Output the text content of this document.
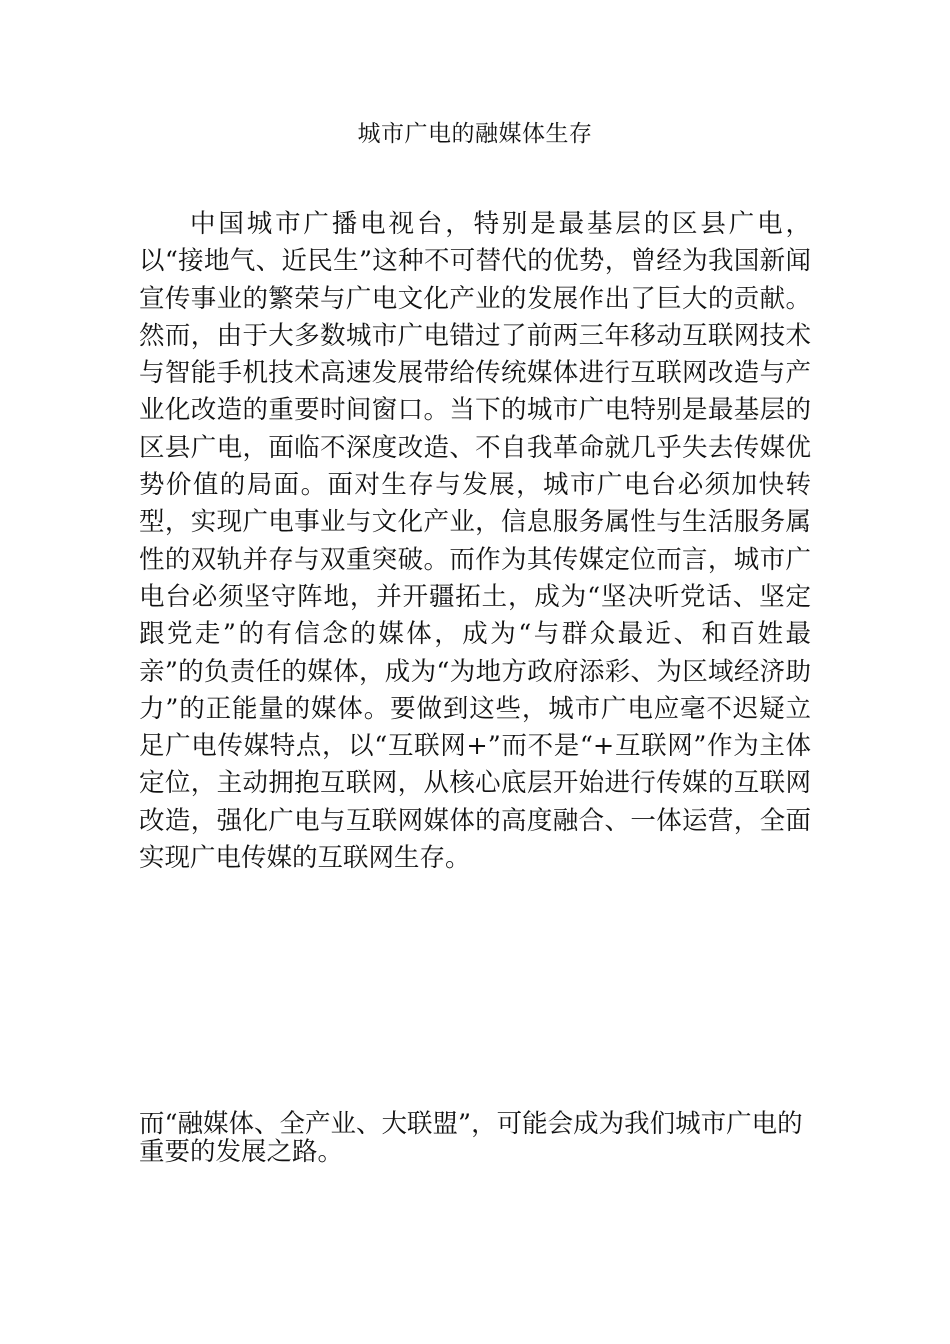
城市广电的融媒体生存

中国城市广播电视台，特别是最基层的区县广电，以“接地气、近民生”这种不可替代的优势，曾经为我国新闻宣传事业的繁荣与广电文化产业的发展作出了巨大的贡献。然而，由于大多数城市广电错过了前两三年移动互联网技术与智能手机技术高速发展带给传统媒体进行互联网改造与产业化改造的重要时间窗口。当下的城市广电特别是最基层的区县广电，面临不深度改造、不自我革命就几乎失去传媒优势价值的局面。面对生存与发展，城市广电台必须加快转型，实现广电事业与文化产业，信息服务属性与生活服务属性的双轨并存与双重突破。而作为其传媒定位而言，城市广电台必须坚守阵地，并开疆拓土，成为“坚决听党话、坚定跟党走”的有信念的媒体，成为“与群众最近、和百姓最亲”的负责任的媒体，成为“为地方政府添彩、为区域经济助力”的正能量的媒体。要做到这些，城市广电应毫不迟疑立足广电传媒特点，以“互联网+”而不是“+互联网”作为主体定位，主动拥抱互联网，从核心底层开始进行传媒的互联网改造，强化广电与互联网媒体的高度融合、一体运营，全面实现广电传媒的互联网生存。

而“融媒体、全产业、大联盟”，可能会成为我们城市广电的重要的发展之路。
